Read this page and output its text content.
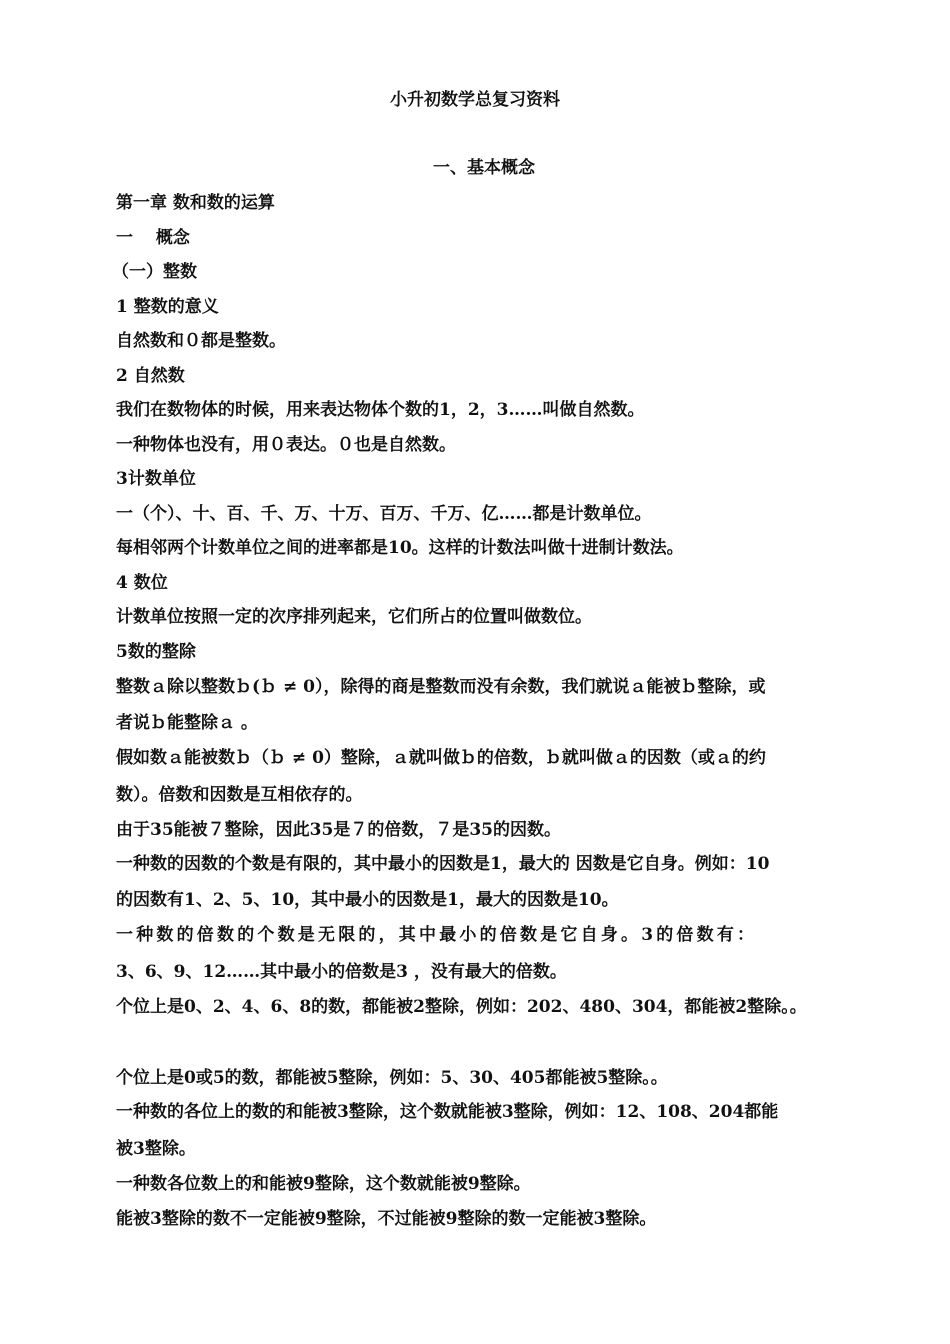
小升初数学总复习资料
一、基本概念
第一章 数和数的运算
一　 概念
（一）整数
1 整数的意义
自然数和０都是整数。
2 自然数
我们在数物体的时候，用来表达物体个数的1，2，3……叫做自然数。
一种物体也没有，用０表达。０也是自然数。
3计数单位
一（个）、十、百、千、万、十万、百万、千万、亿……都是计数单位。
每相邻两个计数单位之间的进率都是10。这样的计数法叫做十进制计数法。
4 数位
计数单位按照一定的次序排列起来，它们所占的位置叫做数位。
5数的整除
整数ａ除以整数ｂ(ｂ ≠ 0），除得的商是整数而没有余数，我们就说ａ能被ｂ整除，或
者说ｂ能整除ａ 。
假如数ａ能被数ｂ（ｂ ≠ 0）整除，ａ就叫做ｂ的倍数，ｂ就叫做ａ的因数（或ａ的约
数）。倍数和因数是互相依存的。
由于35能被７整除，因此35是７的倍数，７是35的因数。
一种数的因数的个数是有限的，其中最小的因数是1，最大的 因数是它自身。例如：10
的因数有1、2、5、10，其中最小的因数是1，最大的因数是10。
一种数的倍数的个数是无限的，其中最小的倍数是它自身。3的倍数有：
3、6、9、12……其中最小的倍数是3 ，没有最大的倍数。
个位上是0、2、4、6、8的数，都能被2整除，例如：202、480、304，都能被2整除。。
个位上是0或5的数，都能被5整除，例如：5、30、405都能被5整除。。
一种数的各位上的数的和能被3整除，这个数就能被3整除，例如：12、108、204都能
被3整除。
一种数各位数上的和能被9整除，这个数就能被9整除。
能被3整除的数不一定能被9整除，不过能被9整除的数一定能被3整除。
